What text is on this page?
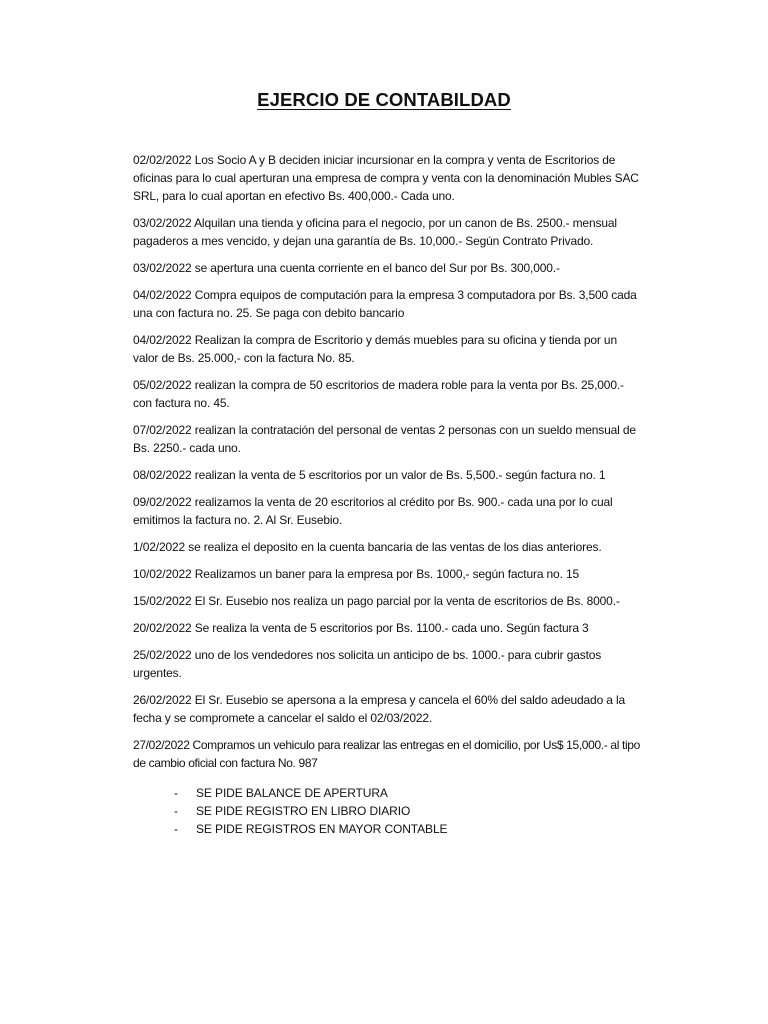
EJERCIO DE CONTABILDAD

02/02/2022 Los Socio A y B deciden iniciar incursionar en la compra y venta de Escritorios de oficinas para lo cual aperturan una empresa de compra y venta con la denominación Mubles SAC SRL, para lo cual aportan en efectivo Bs. 400,000.- Cada uno.

03/02/2022 Alquilan una tienda y oficina para el negocio, por un canon de Bs. 2500.- mensual pagaderos a mes vencido, y dejan una garantía de Bs. 10,000.- Según Contrato Privado.

03/02/2022 se apertura una cuenta corriente en el banco del Sur por Bs. 300,000.-

04/02/2022 Compra equipos de computación para la empresa 3 computadora por Bs. 3,500 cada una con factura no. 25. Se paga con debito bancario

04/02/2022 Realizan la compra de Escritorio y demás muebles para su oficina y tienda por un valor de Bs. 25.000,- con la factura No. 85.

05/02/2022 realizan la compra de 50 escritorios de madera roble para la venta por Bs. 25,000.- con factura no. 45.

07/02/2022 realizan la contratación del personal de ventas 2 personas con un sueldo mensual de Bs. 2250.- cada uno.

08/02/2022 realizan la venta de 5 escritorios por un valor de Bs. 5,500.- según factura no. 1

09/02/2022 realizamos la venta de 20 escritorios al crédito por Bs. 900.- cada una por lo cual emitimos la factura no. 2. Al Sr. Eusebio.

1/02/2022 se realiza el deposito en la cuenta bancaria de las ventas de los dias anteriores.

10/02/2022 Realizamos un baner para la empresa por Bs. 1000,- según factura no. 15

15/02/2022 El Sr. Eusebio nos realiza un pago parcial por la venta de escritorios de Bs. 8000.-

20/02/2022 Se realiza la venta de 5 escritorios por Bs. 1100.- cada uno. Según factura 3

25/02/2022 uno de los vendedores nos solicita un anticipo de bs. 1000.- para cubrir gastos urgentes.

26/02/2022 El Sr. Eusebio se apersona a la empresa y cancela el 60% del saldo adeudado a la fecha y se compromete a cancelar el saldo el 02/03/2022.

27/02/2022 Compramos un vehiculo para realizar las entregas en el domicilio, por Us$ 15,000.- al tipo de cambio oficial con factura No. 987

- SE PIDE BALANCE DE APERTURA
- SE PIDE REGISTRO EN LIBRO DIARIO
- SE PIDE REGISTROS EN MAYOR CONTABLE
